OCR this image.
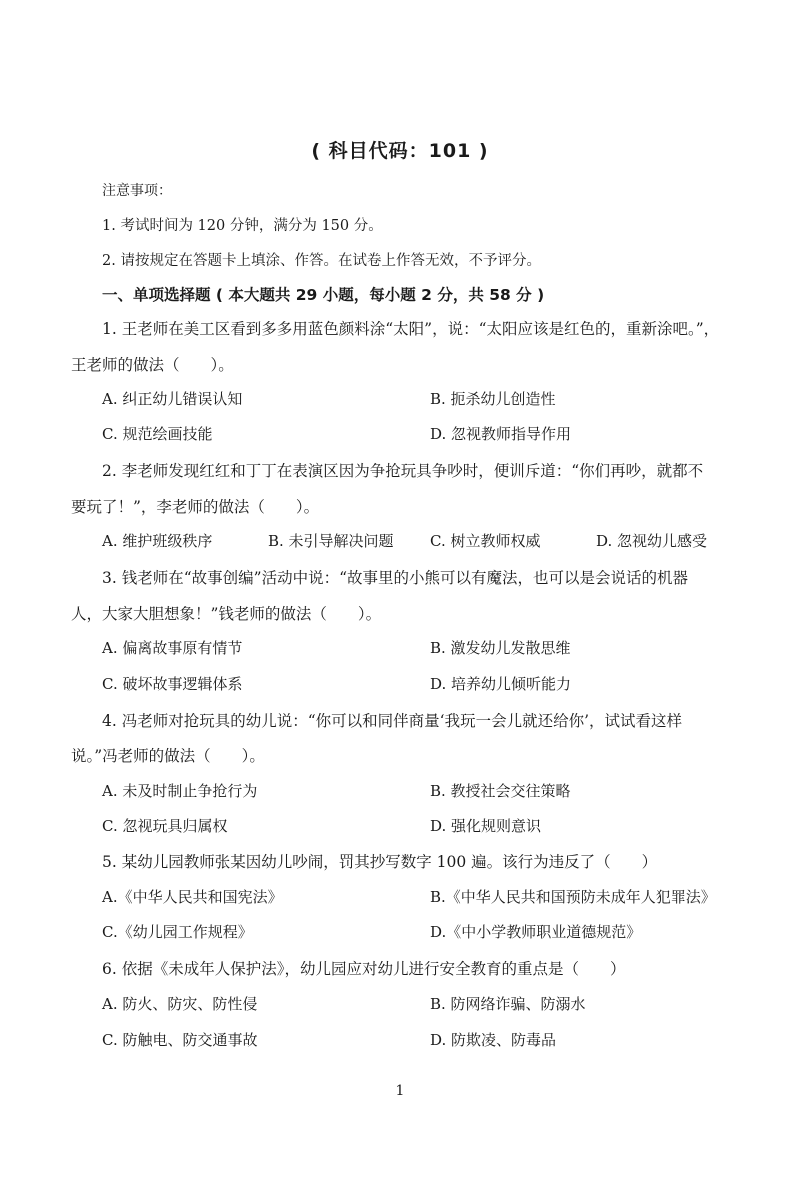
( 科目代码：101 )
注意事项：
1. 考试时间为 120 分钟，满分为 150 分。
2. 请按规定在答题卡上填涂、作答。在试卷上作答无效，不予评分。
一、单项选择题 ( 本大题共 29 小题，每小题 2 分，共 58 分 )
1. 王老师在美工区看到多多用蓝色颜料涂“太阳”，说：“太阳应该是红色的，重新涂吧。”，
王老师的做法（　　）。
A. 纠正幼儿错误认知	B. 扼杀幼儿创造性
C. 规范绘画技能	D. 忽视教师指导作用
2. 李老师发现红红和丁丁在表演区因为争抢玩具争吵时，便训斥道：“你们再吵，就都不
要玩了！”，李老师的做法（　　）。
A. 维护班级秩序	B. 未引导解决问题 C. 树立教师权威	D. 忽视幼儿感受
3. 钱老师在“故事创编”活动中说：“故事里的小熊可以有魔法，也可以是会说话的机器
人，大家大胆想象！”钱老师的做法（　　）。
A. 偏离故事原有情节	B. 激发幼儿发散思维
C. 破坏故事逻辑体系	D. 培养幼儿倾听能力
4. 冯老师对抢玩具的幼儿说：“你可以和同伴商量‘我玩一会儿就还给你’，试试看这样
说。”冯老师的做法（　　）。
A. 未及时制止争抢行为	B. 教授社会交往策略
C. 忽视玩具归属权	D. 强化规则意识
5. 某幼儿园教师张某因幼儿吵闹，罚其抄写数字 100 遍。该行为违反了（　　）
A.《中华人民共和国宪法》	B.《中华人民共和国预防未成年人犯罪法》
C.《幼儿园工作规程》	D.《中小学教师职业道德规范》
6. 依据《未成年人保护法》，幼儿园应对幼儿进行安全教育的重点是（　　）
A. 防火、防灾、防性侵	B. 防网络诈骗、防溺水
C. 防触电、防交通事故	D. 防欺凌、防毒品
1
